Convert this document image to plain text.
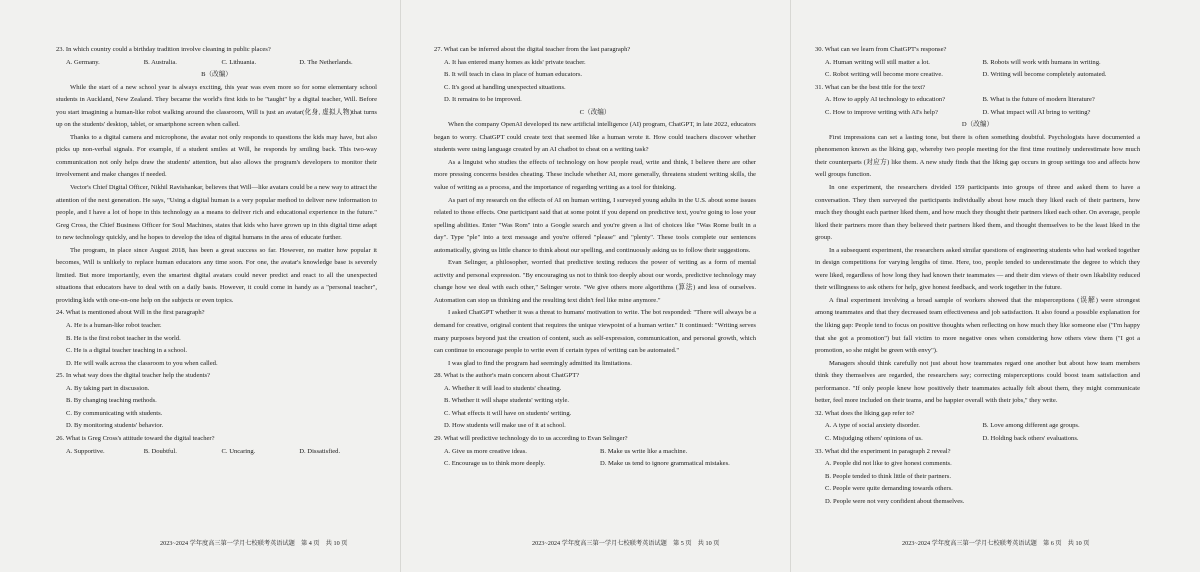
23. In which country could a birthday tradition involve cleaning in public places?

A. Germany.	B. Australia.	C. Lithuania.	D. The Netherlands.

B（改编）

While the start of a new school year is always exciting, this year was even more so for some elementary school students in Auckland, New Zealand. They became the world's first kids to be "taught" by a digital teacher, Will. Before you start imagining a human-like robot walking around the classroom, Will is just an avatar(化身, 虚拟人物)that turns up on the students' desktop, tablet, or smartphone screen when called.

Thanks to a digital camera and microphone, the avatar not only responds to questions the kids may have, but also picks up non-verbal signals. For example, if a student smiles at Will, he responds by smiling back. This two-way communication not only helps draw the students' attention, but also allows the program's developers to monitor their involvement and make changes if needed.

Vector's Chief Digital Officer, Nikhil Ravishankar, believes that Will—like avatars could be a new way to attract the attention of the next generation. He says, "Using a digital human is a very popular method to deliver new information to people, and I have a lot of hope in this technology as a means to deliver rich and educational experience in the future." Greg Cross, the Chief Business Officer for Soul Machines, states that kids who have grown up in this digital time adapt to new technology quickly, and he hopes to develop the idea of digital humans in the area of educate further.

The program, in place since August 2018, has been a great success so far. However, no matter how popular it becomes, Will is unlikely to replace human educators any time soon. For one, the avatar's knowledge base is severely limited. But more importantly, even the smartest digital avatars could never predict and react to all the unexpected situations that educators have to deal with on a daily basis. However, it could come in handy as a "personal teacher", providing kids with one-on-one help on the subjects or even topics.

24. What is mentioned about Will in the first paragraph?

A. He is a human-like robot teacher.

B. He is the first robot teacher in the world.

C. He is a digital teacher teaching in a school.

D. He will walk across the classroom to you when called.

25. In what way does the digital teacher help the students?

A. By taking part in discussion.

B. By changing teaching methods.

C. By communicating with students.

D. By monitoring students' behavior.

26. What is Greg Cross's attitude toward the digital teacher?

A. Supportive.	B. Doubtful.	C. Uncaring.	D. Dissatisfied.

27. What can be inferred about the digital teacher from the last paragraph?

A. It has entered many homes as kids' private teacher.

B. It will teach in class in place of human educators.

C. It's good at handling unexpected situations.

D. It remains to be improved.

C（改编）

When the company OpenAI developed its new artificial intelligence (AI) program, ChatGPT, in late 2022, educators began to worry. ChatGPT could create text that seemed like a human wrote it. How could teachers discover whether students were using language created by an AI chatbot to cheat on a writing task?

As a linguist who studies the effects of technology on how people read, write and think, I believe there are other more pressing concerns besides cheating. These include whether AI, more generally, threatens student writing skills, the value of writing as a process, and the importance of regarding writing as a tool for thinking.

As part of my research on the effects of AI on human writing, I surveyed young adults in the U.S. about some issues related to those effects. One participant said that at some point if you depend on predictive text, you're going to lose your spelling abilities. Enter "Was Rom" into a Google search and you're given a list of choices like "Was Rome built in a day". Type "ple" into a text message and you're offered "please" and "plenty". These tools complete our sentences automatically, giving us little chance to think about our spelling, and continuously asking us to follow their suggestions.

Evan Selinger, a philosopher, worried that predictive texting reduces the power of writing as a form of mental activity and personal expression. "By encouraging us not to think too deeply about our words, predictive technology may change how we deal with each other," Selinger wrote. "We give others more algorithms (算法) and less of ourselves. Automation can stop us thinking and the resulting text didn't feel like mine anymore."

I asked ChatGPT whether it was a threat to humans' motivation to write. The bot responded: "There will always be a demand for creative, original content that requires the unique viewpoint of a human writer." It continued: "Writing serves many purposes beyond just the creation of content, such as self-expression, communication, and personal growth, which can continue to encourage people to write even if certain types of writing can be automated."

I was glad to find the program had seemingly admitted its limitations.

28. What is the author's main concern about ChatGPT?

A. Whether it will lead to students' cheating.

B. Whether it will shape students' writing style.

C. What effects it will have on students' writing.

D. How students will make use of it at school.

29. What will predictive technology do to us according to Evan Selinger?

A. Give us more creative ideas.	B. Make us write like a machine.
C. Encourage us to think more deeply.	D. Make us tend to ignore grammatical mistakes.

30. What can we learn from ChatGPT's response?

A. Human writing will still matter a lot.	B. Robots will work with humans in writing.
C. Robot writing will become more creative.	D. Writing will become completely automated.

31. What can be the best title for the text?

A. How to apply AI technology to education?	B. What is the future of modern literature?
C. How to improve writing with AI's help?	D. What impact will AI bring to writing?

D（改编）

First impressions can set a lasting tone, but there is often something doubtful. Psychologists have documented a phenomenon known as the liking gap, whereby two people meeting for the first time routinely underestimate how much their counterparts (对应方) like them. A new study finds that the liking gap occurs in group settings too and affects how well groups function.

In one experiment, the researchers divided 159 participants into groups of three and asked them to have a conversation. They then surveyed the participants individually about how much they liked each of their partners, how much they thought each partner liked them, and how much they thought their partners liked each other. On average, people liked their partners more than they believed their partners liked them, and thought themselves to be the least liked in the group.

In a subsequent experiment, the researchers asked similar questions of engineering students who had worked together in design competitions for varying lengths of time. Here, too, people tended to underestimate the degree to which they were liked, regardless of how long they had known their teammates — and their dim views of their own likability reduced their willingness to ask others for help, give honest feedback, and work together in the future.

A final experiment involving a broad sample of workers showed that the misperceptions (误解) were strongest among teammates and that they decreased team effectiveness and job satisfaction. It also found a possible explanation for the liking gap: People tend to focus on positive thoughts when reflecting on how much they like someone else ("I'm happy that she got a promotion") but fall victim to more negative ones when considering how others view them ("I got a promotion, so she might be green with envy").

Managers should think carefully not just about how teammates regard one another but about how team members think they themselves are regarded, the researchers say; correcting misperceptions could boost team satisfaction and performance. "If only people knew how positively their teammates actually felt about them, they might communicate better, feel more included on their teams, and be happier overall with their jobs," they write.

32. What does the liking gap refer to?

A. A type of social anxiety disorder.	B. Love among different age groups.
C. Misjudging others' opinions of us.	D. Holding back others' evaluations.

33. What did the experiment in paragraph 2 reveal?

A. People did not like to give honest comments.

B. People tended to think little of their partners.

C. People were quite demanding towards others.

D. People were not very confident about themselves.

2023~2024 学年度高三第一学月七校联考英语试题　第 4 页　共 10 页	2023~2024 学年度高三第一学月七校联考英语试题　第 5 页　共 10 页	2023~2024 学年度高三第一学月七校联考英语试题　第 6 页　共 10 页
